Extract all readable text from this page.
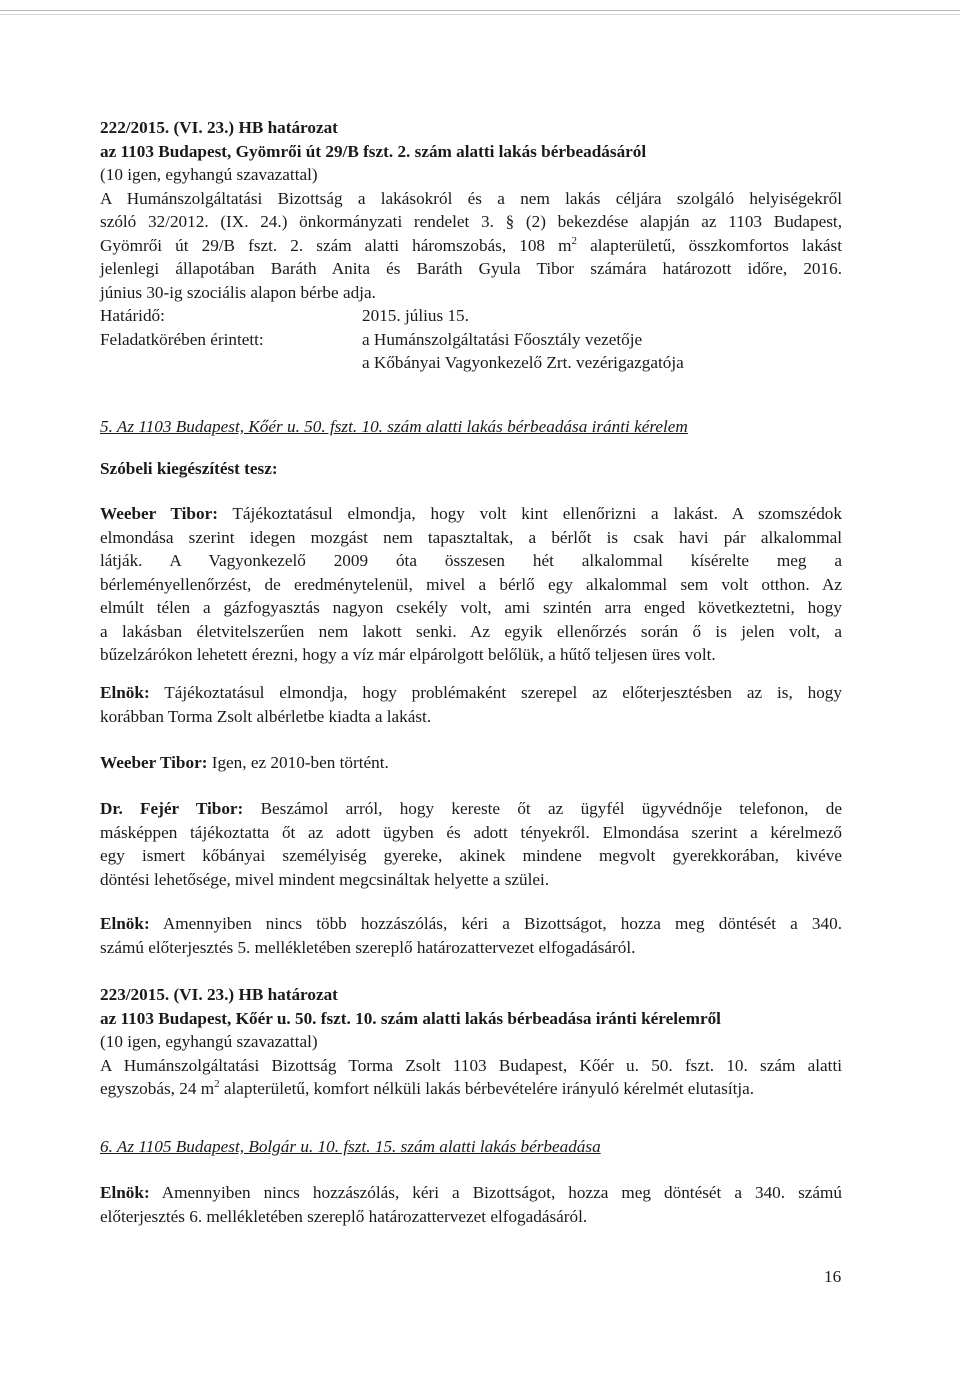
222/2015. (VI. 23.) HB határozat
az 1103 Budapest, Gyömrői út 29/B fszt. 2. szám alatti lakás bérbeadásáról
(10 igen, egyhangú szavazattal)
A Humánszolgáltatási Bizottság a lakásokról és a nem lakás céljára szolgáló helyiségekről
szóló 32/2012. (IX. 24.) önkormányzati rendelet 3. § (2) bekezdése alapján az 1103 Budapest,
Gyömrői út 29/B fszt. 2. szám alatti háromszobás, 108 $m^2$ alapterületű, összkomfortos lakást
jelenlegi állapotában Baráth Anita és Baráth Gyula Tibor számára határozott időre, 2016.
június 30-ig szociális alapon bérbe adja.
Határidő:	2015. július 15.
Feladatkörében érintett:	a Humánszolgáltatási Főosztály vezetője
a Kőbányai Vagyonkezelő Zrt. vezérigazgatója
5. Az 1103 Budapest, Kőér u. 50. fszt. 10. szám alatti lakás bérbeadása iránti kérelem
Szóbeli kiegészítést tesz:
Weeber Tibor: Tájékoztatásul elmondja, hogy volt kint ellenőrizni a lakást. A szomszédok
elmondása szerint idegen mozgást nem tapasztaltak, a bérlőt is csak havi pár alkalommal
látják. A Vagyonkezelő 2009 óta összesen hét alkalommal kísérelte meg a
bérleményellenőrzést, de eredménytelenül, mivel a bérlő egy alkalommal sem volt otthon. Az
elmúlt télen a gázfogyasztás nagyon csekély volt, ami szintén arra enged következtetni, hogy
a lakásban életvitelszerűen nem lakott senki. Az egyik ellenőrzés során ő is jelen volt, a
bűzelzárókon lehetett érezni, hogy a víz már elpárolgott belőlük, a hűtő teljesen üres volt.
Elnök: Tájékoztatásul elmondja, hogy problémaként szerepel az előterjesztésben az is, hogy
korábban Torma Zsolt albérletbe kiadta a lakást.
Weeber Tibor: Igen, ez 2010-ben történt.
Dr. Fejér Tibor: Beszámol arról, hogy kereste őt az ügyfél ügyvédnője telefonon, de
másképpen tájékoztatta őt az adott ügyben és adott tényekről. Elmondása szerint a kérelmező
egy ismert kőbányai személyiség gyereke, akinek mindene megvolt gyerekkorában, kivéve
döntési lehetősége, mivel mindent megcsináltak helyette a szülei.
Elnök: Amennyiben nincs több hozzászólás, kéri a Bizottságot, hozza meg döntését a 340.
számú előterjesztés 5. mellékletében szereplő határozattervezet elfogadásáról.
223/2015. (VI. 23.) HB határozat
az 1103 Budapest, Kőér u. 50. fszt. 10. szám alatti lakás bérbeadása iránti kérelemről
(10 igen, egyhangú szavazattal)
A Humánszolgáltatási Bizottság Torma Zsolt 1103 Budapest, Kőér u. 50. fszt. 10. szám alatti
egyszobás, 24 $m^2$ alapterületű, komfort nélküli lakás bérbevételére irányuló kérelmét elutasítja.
6. Az 1105 Budapest, Bolgár u. 10. fszt. 15. szám alatti lakás bérbeadása
Elnök: Amennyiben nincs hozzászólás, kéri a Bizottságot, hozza meg döntését a 340. számú
előterjesztés 6. mellékletében szereplő határozattervezet elfogadásáról.
16
